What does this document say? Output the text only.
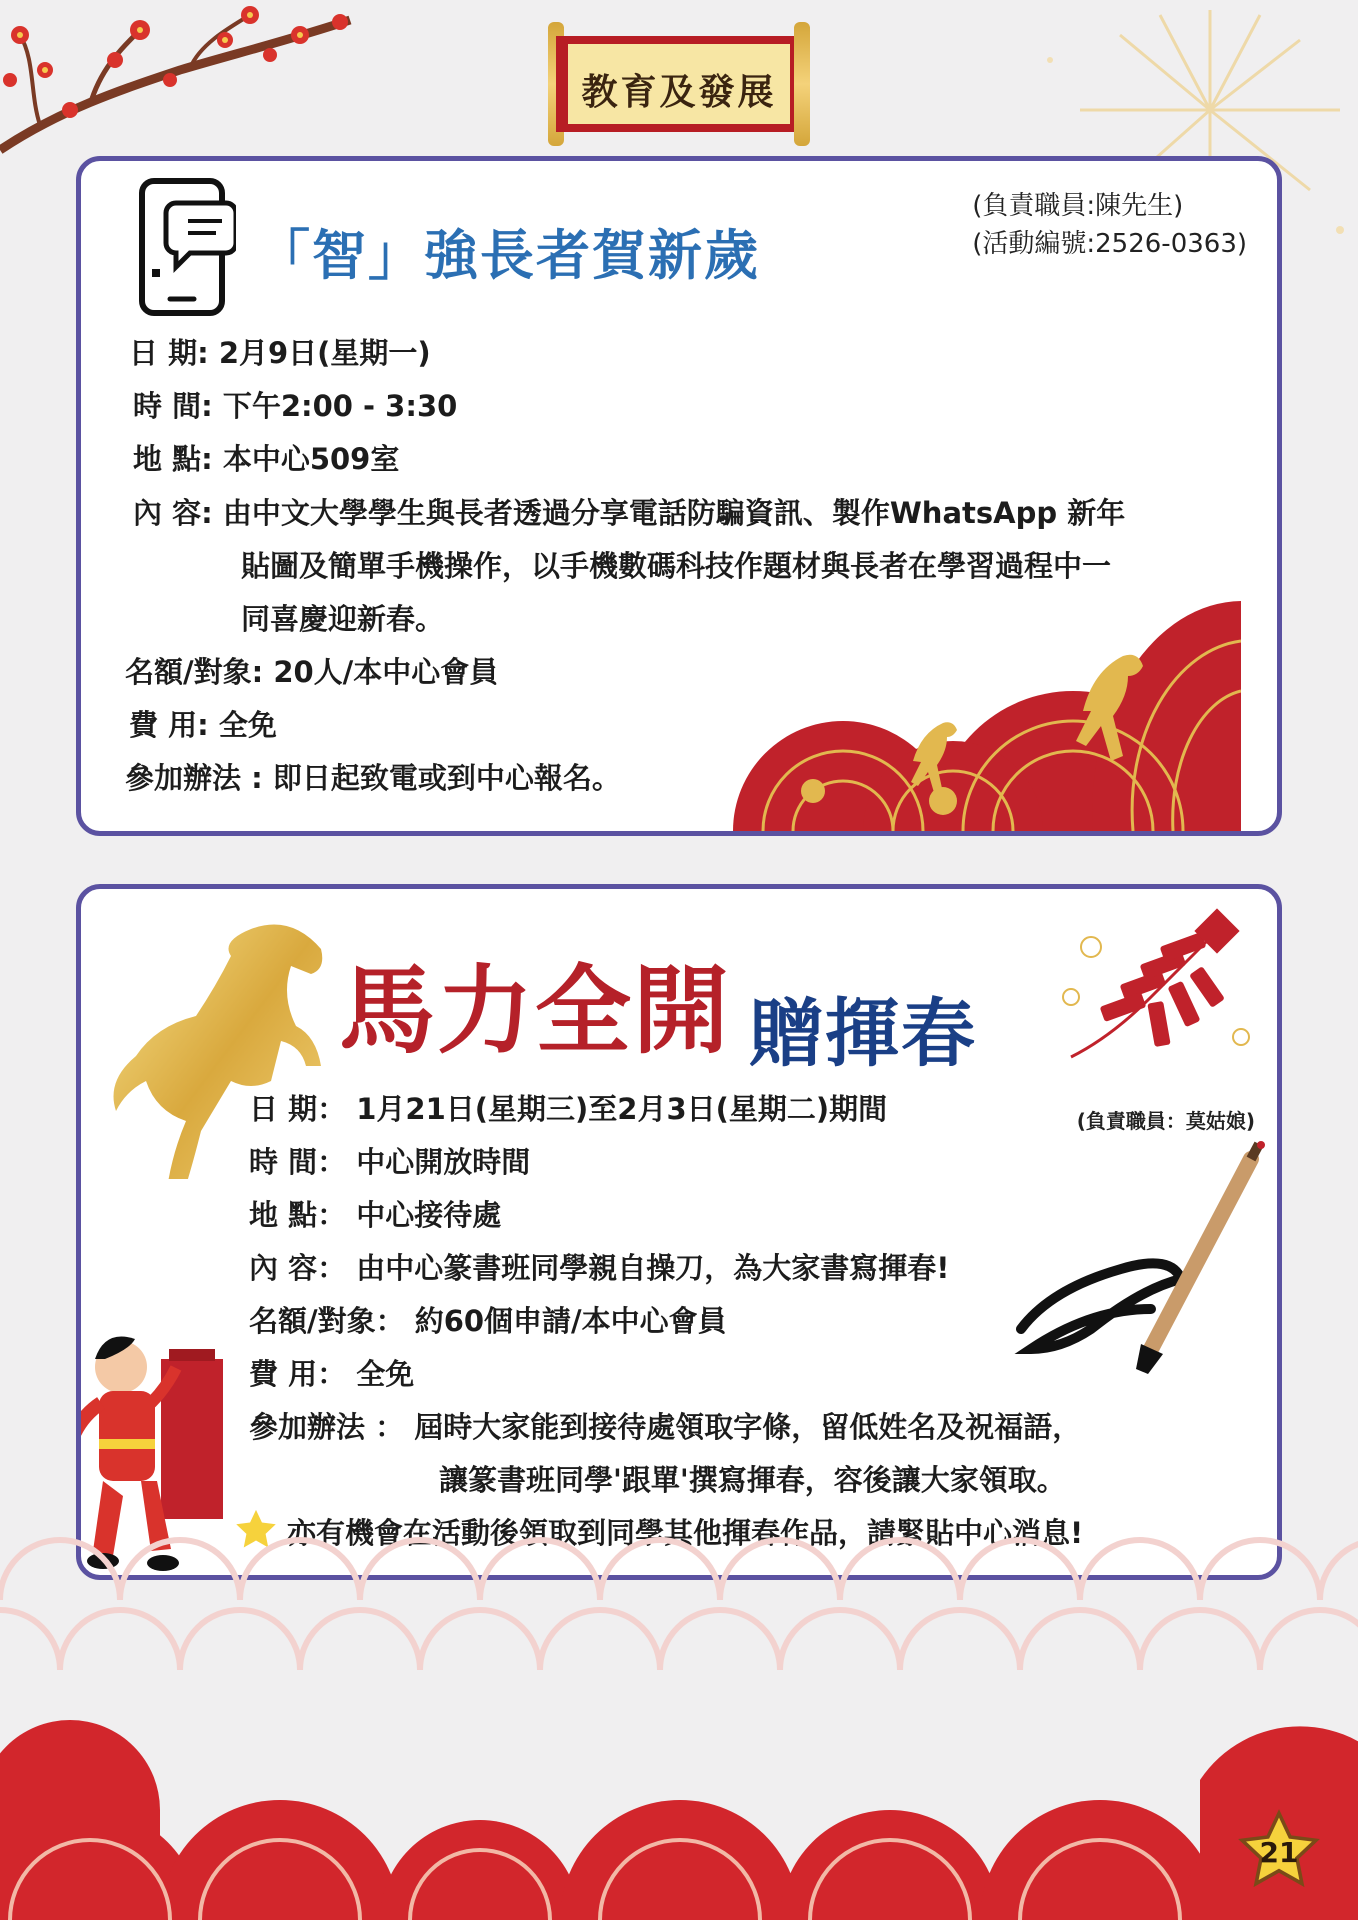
教育及發展
「智」強長者賀新歲
(負責職員:陳先生)
(活動編號:2526-0363)
日 期: 2月9日(星期一)
時 間: 下午2:00 - 3:30
地 點: 本中心509室
內 容: 由中文大學學生與長者透過分享電話防騙資訊、製作WhatsApp 新年
貼圖及簡單手機操作，以手機數碼科技作題材與長者在學習過程中一
同喜慶迎新春。
名額/對象: 20人/本中心會員
費 用: 全免
參加辦法 : 即日起致電或到中心報名。
馬力全開 贈揮春
(負責職員：莫姑娘)
日 期： 1月21日(星期三)至2月3日(星期二)期間
時 間： 中心開放時間
地 點： 中心接待處
內 容： 由中心篆書班同學親自操刀，為大家書寫揮春!
名額/對象： 約60個申請/本中心會員
費 用： 全免
參加辦法 ： 屆時大家能到接待處領取字條，留低姓名及祝福語，
讓篆書班同學'跟單'撰寫揮春，容後讓大家領取。
亦有機會在活動後領取到同學其他揮春作品，請緊貼中心消息!
21
